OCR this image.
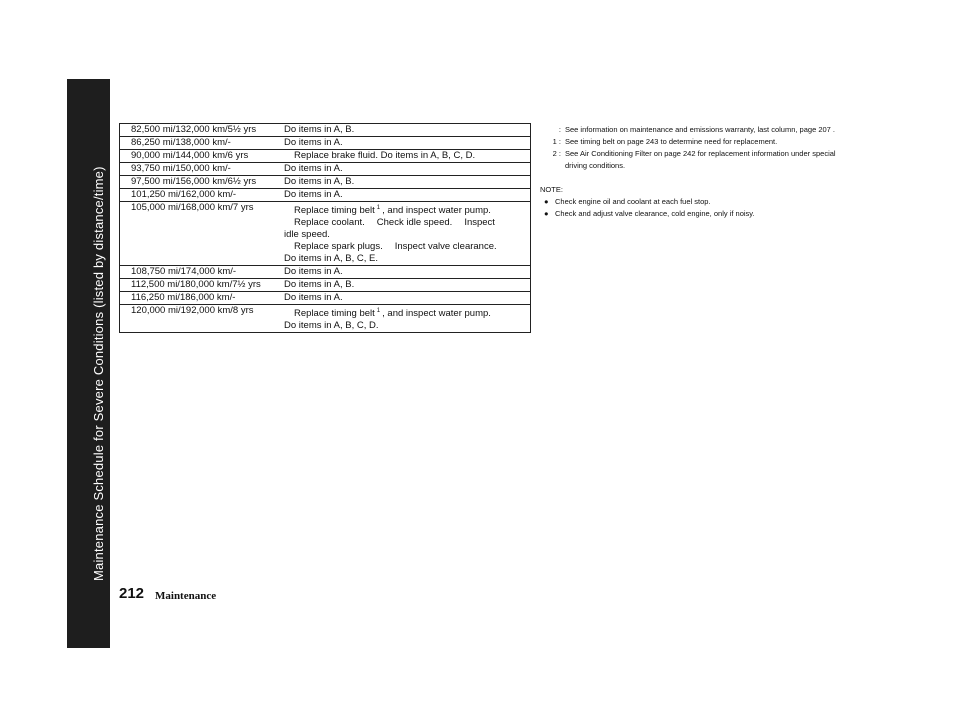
Maintenance Schedule for Severe Conditions (listed by distance/time)
82,500 mi/132,000 km/5½ yrs	Do items in A, B.

86,250 mi/138,000 km/-	Do items in A.

90,000 mi/144,000 km/6 yrs	Replace brake fluid. Do items in A, B, C, D.

93,750 mi/150,000 km/-	Do items in A.

97,500 mi/156,000 km/6½ yrs	Do items in A, B.

101,250 mi/162,000 km/-	Do items in A.

105,000 mi/168,000 km/7 yrs	Replace timing belt $^1$ , and inspect water pump.
Replace coolant. Check idle speed. Inspect
idle speed.
Replace spark plugs. Inspect valve clearance.
Do items in A, B, C, E.

108,750 mi/174,000 km/-	Do items in A.

112,500 mi/180,000 km/7½ yrs	Do items in A, B.

116,250 mi/186,000 km/-	Do items in A.

120,000 mi/192,000 km/8 yrs	Replace timing belt $^1$ , and inspect water pump.
Do items in A, B, C, D.
: See information on maintenance and emissions warranty, last column, page 207 .
1 : See timing belt on page 243 to determine need for replacement.
2 : See Air Conditioning Filter on page 242 for replacement information under special driving conditions.
NOTE:
● Check engine oil and coolant at each fuel stop.
● Check and adjust valve clearance, cold engine, only if noisy.
212 Maintenance
